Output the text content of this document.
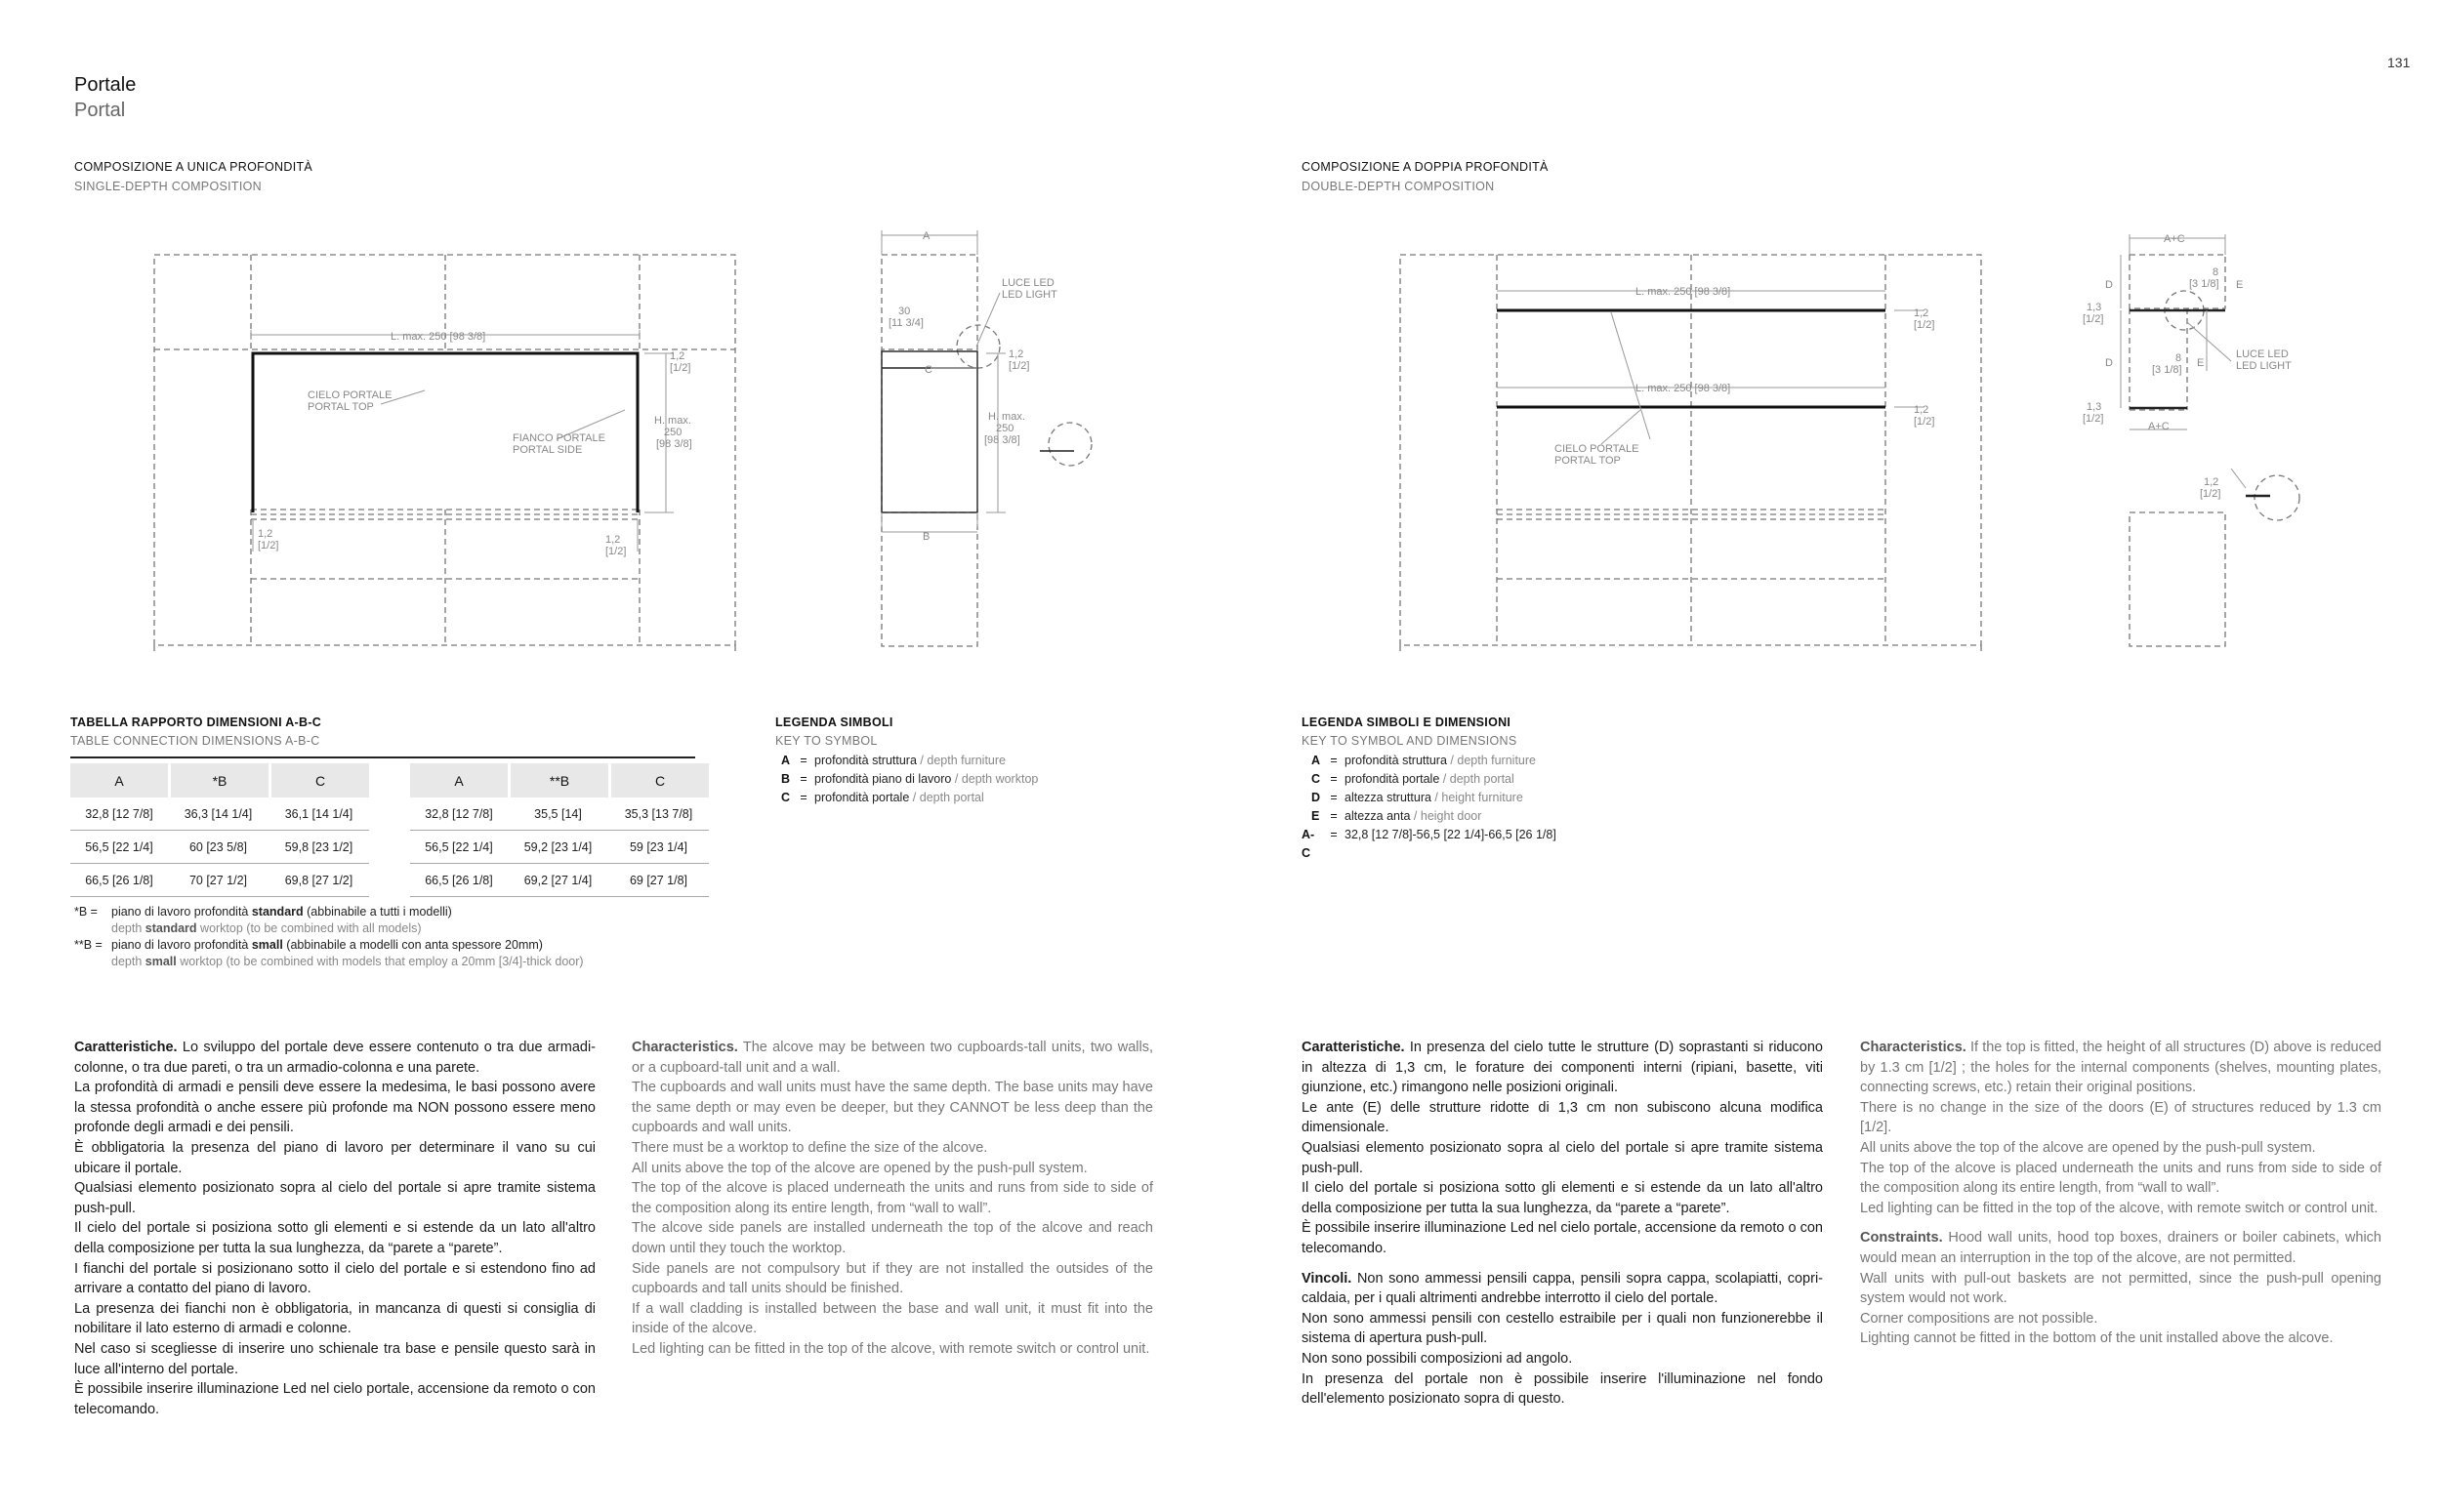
131
Portale
Portal
COMPOSIZIONE A UNICA PROFONDITÀ
SINGLE-DEPTH COMPOSITION
COMPOSIZIONE A DOPPIA PROFONDITÀ
DOUBLE-DEPTH COMPOSITION
L. max. 250 [98 3/8]
1,2
[1/2]
CIELO PORTALE
PORTAL TOP
FIANCO PORTALE
PORTAL SIDE
H. max.
250
[98 3/8]
1,2
[1/2]	1,2
[1/2]
A
B
C
30
[11 3/4]
LUCE LED
LED LIGHT
1,2
[1/2]
H. max.
250
[98 3/8]
L. max. 250 [98 3/8]
L. max. 250 [98 3/8]
1,2
[1/2]
1,2
[1/2]
CIELO PORTALE
PORTAL TOP
A+C
D
D
E
E
1,3
[1/2]
1,3
[1/2]
8
[3 1/8]
8
[3 1/8]
A+C
LUCE LED
LED LIGHT
1,2
[1/2]
TABELLA RAPPORTO DIMENSIONI A-B-C
TABLE CONNECTION DIMENSIONS A-B-C
A	*B	C		A	**B	C
32,8 [12 7/8]	36,3 [14 1/4]	36,1 [14 1/4]		32,8 [12 7/8]	35,5 [14]	35,3 [13 7/8]
56,5 [22 1/4]	60 [23 5/8]	59,8 [23 1/2]		56,5 [22 1/4]	59,2 [23 1/4]	59 [23 1/4]
66,5 [26 1/8]	70 [27 1/2]	69,8 [27 1/2]		66,5 [26 1/8]	69,2 [27 1/4]	69 [27 1/8]
*B = piano di lavoro profondità standard (abbinabile a tutti i modelli)
depth standard worktop (to be combined with all models)
**B = piano di lavoro profondità small (abbinabile a modelli con anta spessore 20mm)
depth small worktop (to be combined with models that employ a 20mm [3/4]-thick door)
LEGENDA SIMBOLI
KEY TO SYMBOL
A = profondità struttura
/
depth furniture
B = profondità piano di lavoro
/
depth worktop
C = profondità portale
/
depth portal
LEGENDA SIMBOLI E DIMENSIONI
KEY TO SYMBOL AND DIMENSIONS
A = profondità struttura
/
depth furniture
C = profondità portale
/
depth portal
D = altezza struttura
/
height furniture
E = altezza anta
/
height door
A-C
= 32,8 [12 7/8]-56,5 [22 1/4]-66,5 [26 1/8]

Caratteristiche. Lo sviluppo del portale deve essere contenuto o tra due armadi-colonne, o tra due pareti, o tra un armadio-colonna e una parete.

La profondità di armadi e pensili deve essere la medesima, le basi possono avere la stessa profondità o anche essere più profonde ma NON possono essere meno profonde degli armadi e dei pensili.

È obbligatoria la presenza del piano di lavoro per determinare il vano su cui ubicare il portale.

Qualsiasi elemento posizionato sopra al cielo del portale si apre tramite sistema push-pull.

Il cielo del portale si posiziona sotto gli elementi e si estende da un lato all'altro della composizione per tutta la sua lunghezza, da “parete a “parete”.

I fianchi del portale si posizionano sotto il cielo del portale e si estendono fino ad arrivare a contatto del piano di lavoro.

La presenza dei fianchi non è obbligatoria, in mancanza di questi si consiglia di nobilitare il lato esterno di armadi e colonne.

Nel caso si scegliesse di inserire uno schienale tra base e pensile questo sarà in luce all'interno del portale.

È possibile inserire illuminazione Led nel cielo portale, accensione da remoto o con telecomando.

Characteristics. The alcove may be between two cupboards-tall units, two walls, or a cupboard-tall unit and a wall.

The cupboards and wall units must have the same depth. The base units may have the same depth or may even be deeper, but they CANNOT be less deep than the cupboards and wall units.

There must be a worktop to define the size of the alcove.

All units above the top of the alcove are opened by the push-pull system.

The top of the alcove is placed underneath the units and runs from side to side of the composition along its entire length, from “wall to wall”.

The alcove side panels are installed underneath the top of the alcove and reach down until they touch the worktop.

Side panels are not compulsory but if they are not installed the outsides of the cupboards and tall units should be finished.

If a wall cladding is installed between the base and wall unit, it must fit into the inside of the alcove.

Led lighting can be fitted in the top of the alcove, with remote switch or control unit.

Caratteristiche. In presenza del cielo tutte le strutture (D) soprastanti si riducono in altezza di 1,3 cm, le forature dei componenti interni (ripiani, basette, viti giunzione, etc.) rimangono nelle posizioni originali.

Le ante (E) delle strutture ridotte di 1,3 cm non subiscono alcuna modifica dimensionale.

Qualsiasi elemento posizionato sopra al cielo del portale si apre tramite sistema push-pull.

Il cielo del portale si posiziona sotto gli elementi e si estende da un lato all'altro della composizione per tutta la sua lunghezza, da “parete a “parete”.

È possibile inserire illuminazione Led nel cielo portale, accensione da remoto o con telecomando.

Vincoli. Non sono ammessi pensili cappa, pensili sopra cappa, scolapiatti, copri-caldaia, per i quali altrimenti andrebbe interrotto il cielo del portale.

Non sono ammessi pensili con cestello estraibile per i quali non funzionerebbe il sistema di apertura push-pull.

Non sono possibili composizioni ad angolo.

In presenza del portale non è possibile inserire l'illuminazione nel fondo dell'elemento posizionato sopra di questo.

Characteristics. If the top is fitted, the height of all structures (D) above is reduced by 1.3 cm [1/2] ; the holes for the internal components (shelves, mounting plates, connecting screws, etc.) retain their original positions.

There is no change in the size of the doors (E) of structures reduced by 1.3 cm [1/2].

All units above the top of the alcove are opened by the push-pull system.

The top of the alcove is placed underneath the units and runs from side to side of the composition along its entire length, from “wall to wall”.

Led lighting can be fitted in the top of the alcove, with remote switch or control unit.

Constraints. Hood wall units, hood top boxes, drainers or boiler cabinets, which would mean an interruption in the top of the alcove, are not permitted.

Wall units with pull-out baskets are not permitted, since the push-pull opening system would not work.

Corner compositions are not possible.

Lighting cannot be fitted in the bottom of the unit installed above the alcove.
